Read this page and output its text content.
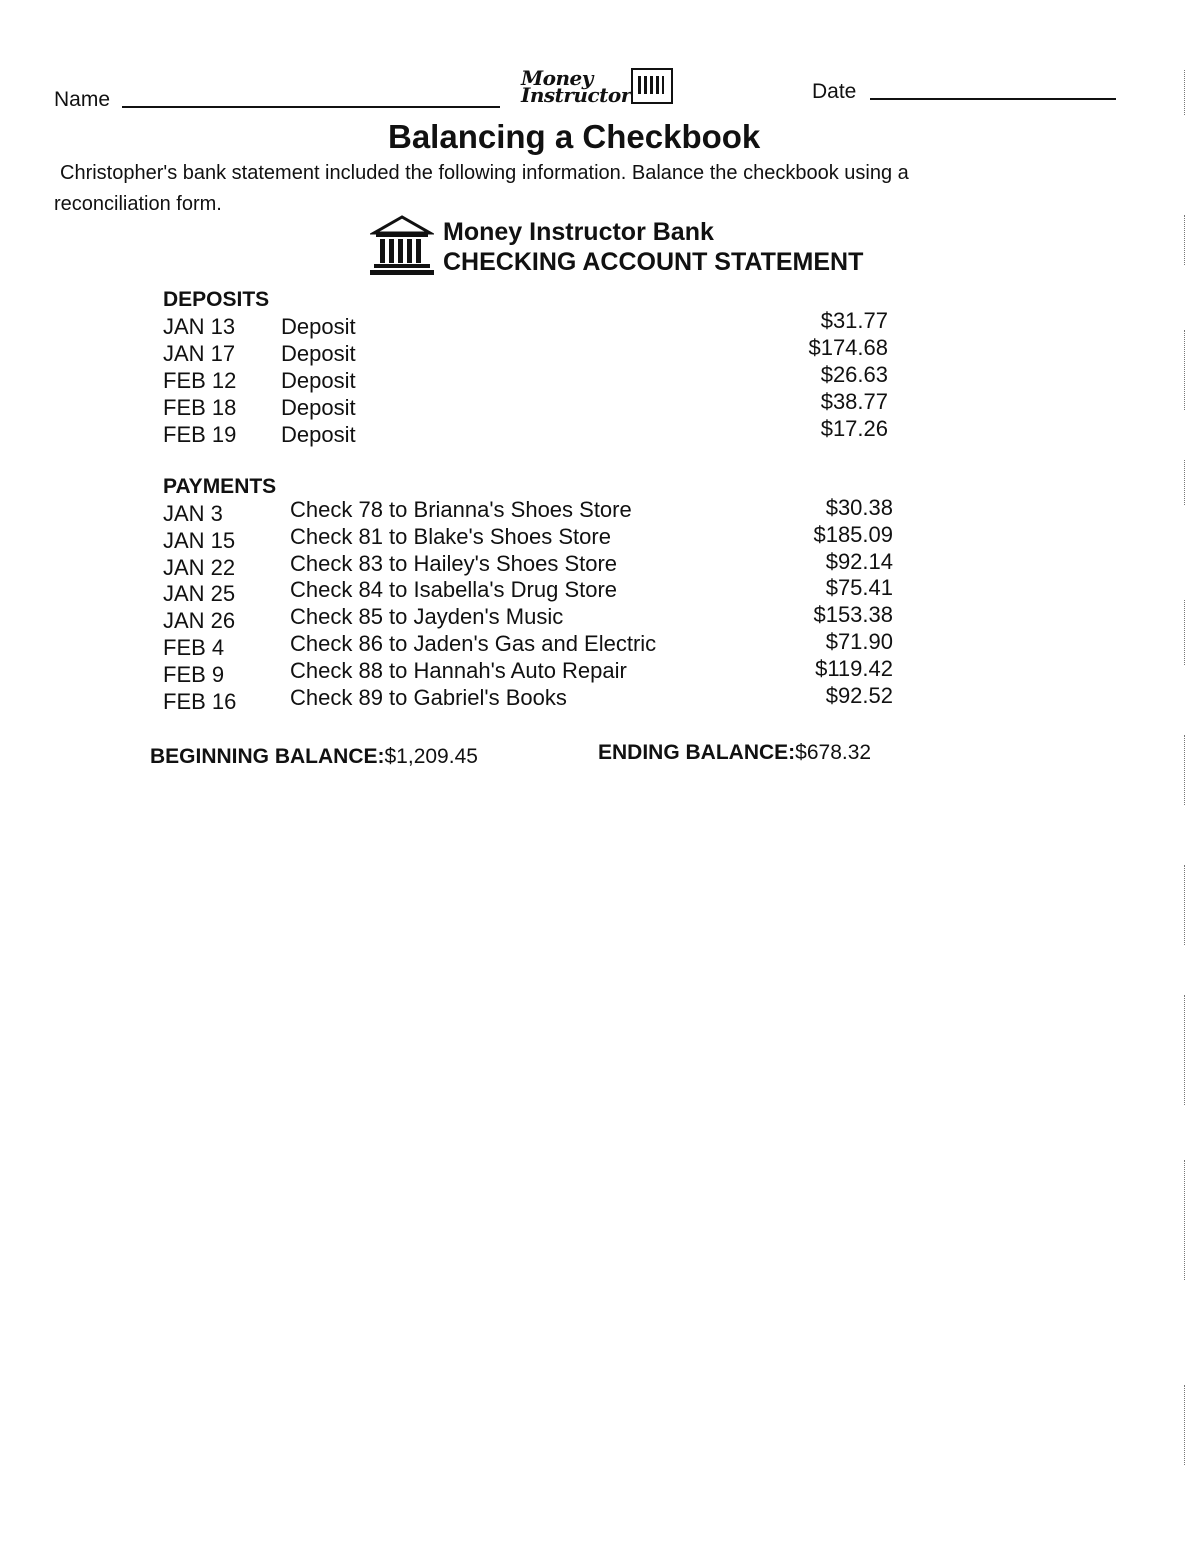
Name
Money
Instructor	Date
Balancing a Checkbook
Christopher's bank statement included the following information. Balance the checkbook using a
reconciliation form.
Money Instructor Bank
CHECKING ACCOUNT STATEMENT
DEPOSITS
JAN 13 Deposit	$31.77
JAN 17 Deposit	$174.68
FEB 12 Deposit	$26.63
FEB 18 Deposit	$38.77
FEB 19 Deposit	$17.26
PAYMENTS
JAN 3	Check 78 to Brianna's Shoes Store	$30.38
JAN 15 Check 81 to Blake's Shoes Store	$185.09
JAN 22 Check 83 to Hailey's Shoes Store	$92.14
JAN 25 Check 84 to Isabella's Drug Store	$75.41
JAN 26 Check 85 to Jayden's Music	$153.38
FEB 4	Check 86 to Jaden's Gas and Electric	$71.90
FEB 9	Check 88 to Hannah's Auto Repair	$119.42
FEB 16 Check 89 to Gabriel's Books	$92.52
BEGINNING BALANCE:$1,209.45	ENDING BALANCE:$678.32
